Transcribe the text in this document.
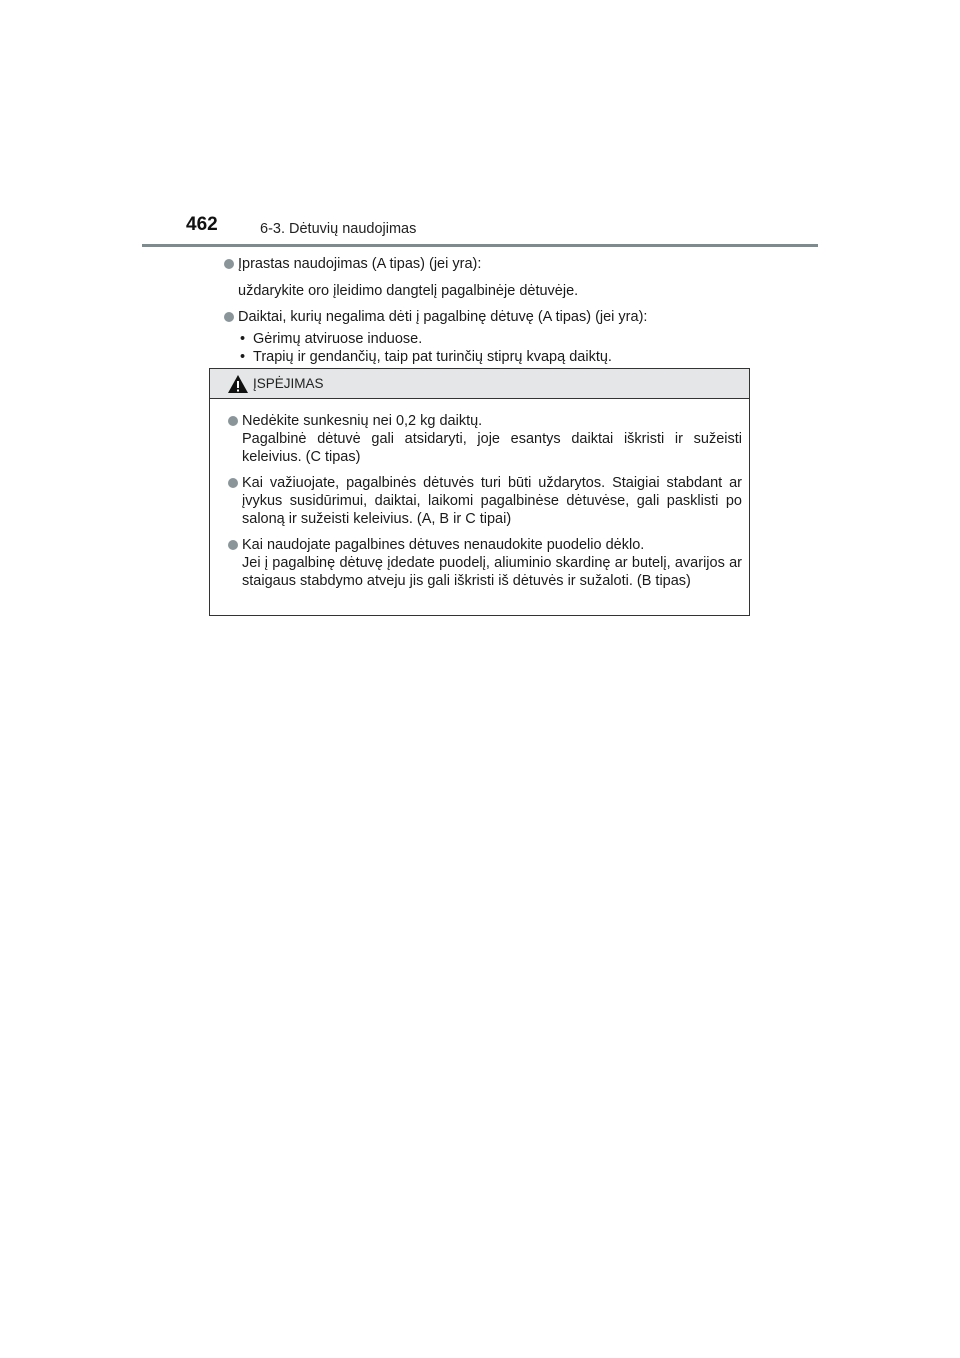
462	6-3. Dėtuvių naudojimas
Įprastas naudojimas (A tipas) (jei yra):
uždarykite oro įleidimo dangtelį pagalbinėje dėtuvėje.
Daiktai, kurių negalima dėti į pagalbinę dėtuvę (A tipas) (jei yra):
• Gėrimų atviruose induose.
• Trapių ir gendančių, taip pat turinčių stiprų kvapą daiktų.
ĮSPĖJIMAS

Nedėkite sunkesnių nei 0,2 kg daiktų.

Pagalbinė dėtuvė gali atsidaryti, joje esantys daiktai iškristi ir sužeisti keleivius. (C tipas)

Kai važiuojate, pagalbinės dėtuvės turi būti uždarytos. Staigiai stabdant ar įvykus susidūrimui, daiktai, laikomi pagalbinėse dėtuvėse, gali pasklisti po saloną ir sužeisti keleivius. (A, B ir C tipai)

Kai naudojate pagalbines dėtuves nenaudokite puodelio dėklo.

Jei į pagalbinę dėtuvę įdedate puodelį, aliuminio skardinę ar butelį, avarijos ar staigaus stabdymo atveju jis gali iškristi iš dėtuvės ir sužaloti. (B tipas)
